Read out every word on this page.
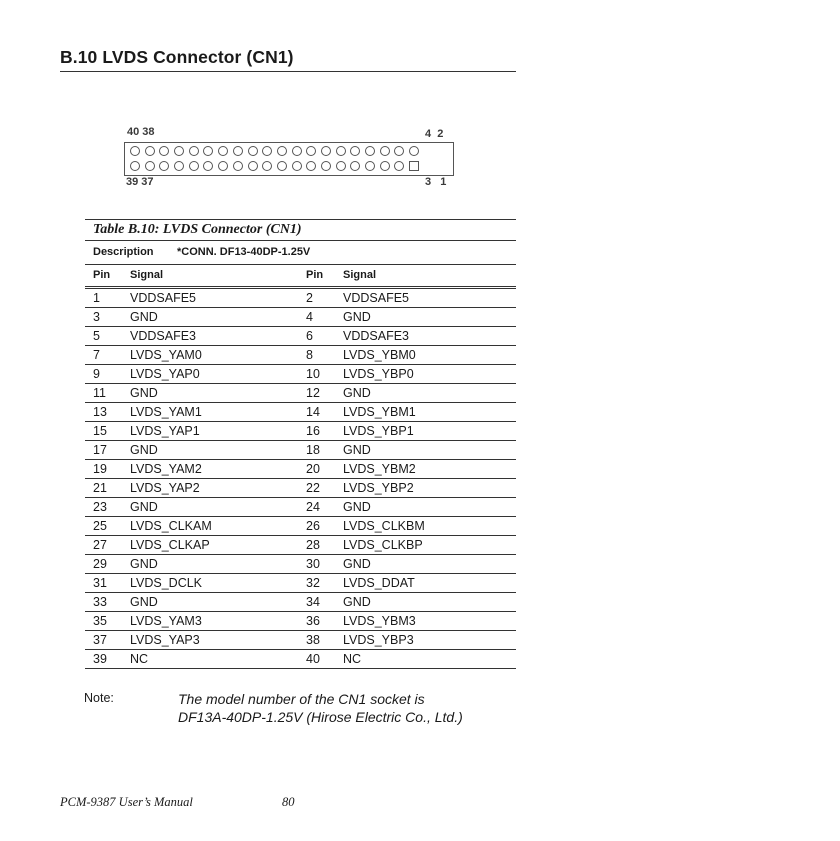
B.10 LVDS Connector (CN1)
40 38	4  2
39 37	3   1
Table B.10: LVDS Connector (CN1)
Description *CONN. DF13-40DP-1.25V
Pin Signal	Pin Signal
1 VDDSAFE5	2 VDDSAFE5
3 GND	4 GND
5 VDDSAFE3	6 VDDSAFE3
7 LVDS_YAM0	8 LVDS_YBM0
9 LVDS_YAP0	10 LVDS_YBP0
11 GND	12 GND
13 LVDS_YAM1	14 LVDS_YBM1
15 LVDS_YAP1	16 LVDS_YBP1
17 GND	18 GND
19 LVDS_YAM2	20 LVDS_YBM2
21 LVDS_YAP2	22 LVDS_YBP2
23 GND	24 GND
25 LVDS_CLKAM	26 LVDS_CLKBM
27 LVDS_CLKAP	28 LVDS_CLKBP
29 GND	30 GND
31 LVDS_DCLK	32 LVDS_DDAT
33 GND	34 GND
35 LVDS_YAM3	36 LVDS_YBM3
37 LVDS_YAP3	38 LVDS_YBP3
39 NC	40 NC
Note:	The model number of the CN1 socket is
DF13A-40DP-1.25V (Hirose Electric Co., Ltd.)
PCM-9387 User’s Manual	80
